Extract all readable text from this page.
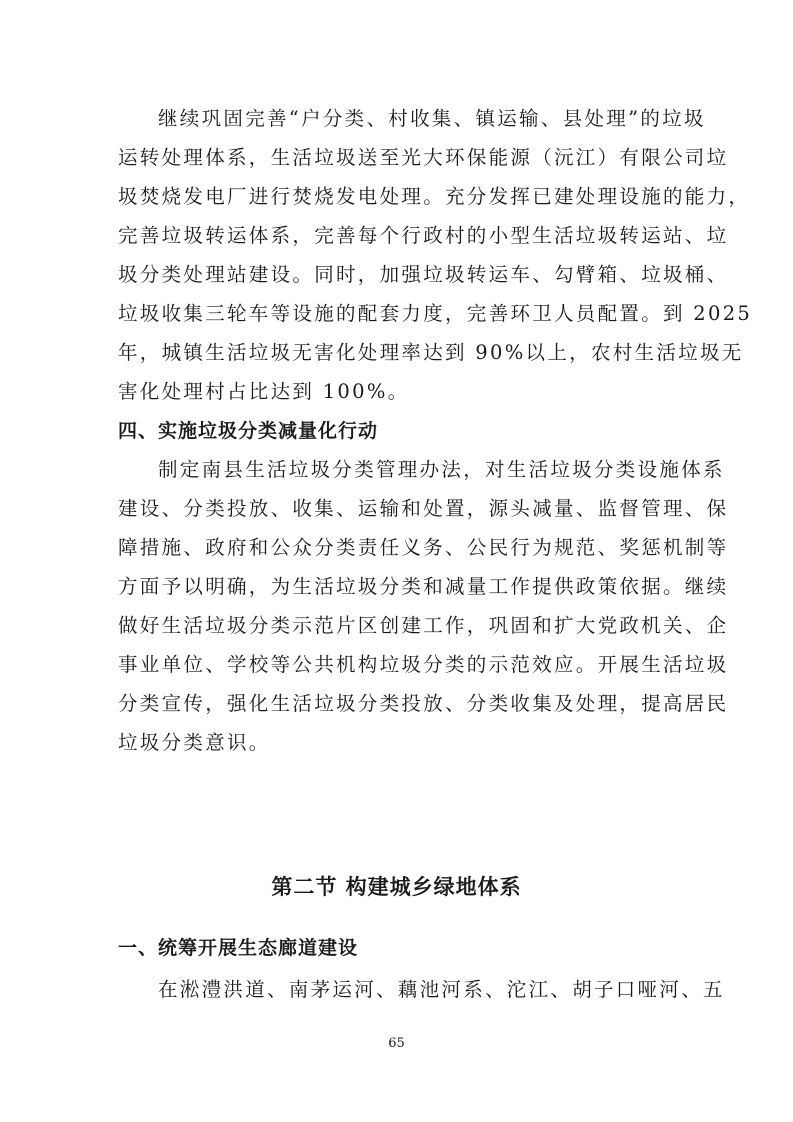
继续巩固完善“户分类、村收集、镇运输、县处理”的垃圾
运转处理体系，生活垃圾送至光大环保能源（沅江）有限公司垃
圾焚烧发电厂进行焚烧发电处理。充分发挥已建处理设施的能力，
完善垃圾转运体系，完善每个行政村的小型生活垃圾转运站、垃
圾分类处理站建设。同时，加强垃圾转运车、勾臂箱、垃圾桶、
垃圾收集三轮车等设施的配套力度，完善环卫人员配置。到 2025
年，城镇生活垃圾无害化处理率达到 90%以上，农村生活垃圾无
害化处理村占比达到 100%。
四、实施垃圾分类减量化行动
制定南县生活垃圾分类管理办法，对生活垃圾分类设施体系
建设、分类投放、收集、运输和处置，源头减量、监督管理、保
障措施、政府和公众分类责任义务、公民行为规范、奖惩机制等
方面予以明确，为生活垃圾分类和减量工作提供政策依据。继续
做好生活垃圾分类示范片区创建工作，巩固和扩大党政机关、企
事业单位、学校等公共机构垃圾分类的示范效应。开展生活垃圾
分类宣传，强化生活垃圾分类投放、分类收集及处理，提高居民
垃圾分类意识。
第二节 构建城乡绿地体系
一、统筹开展生态廊道建设
在淞澧洪道、南茅运河、藕池河系、沱江、胡子口哑河、五
65
